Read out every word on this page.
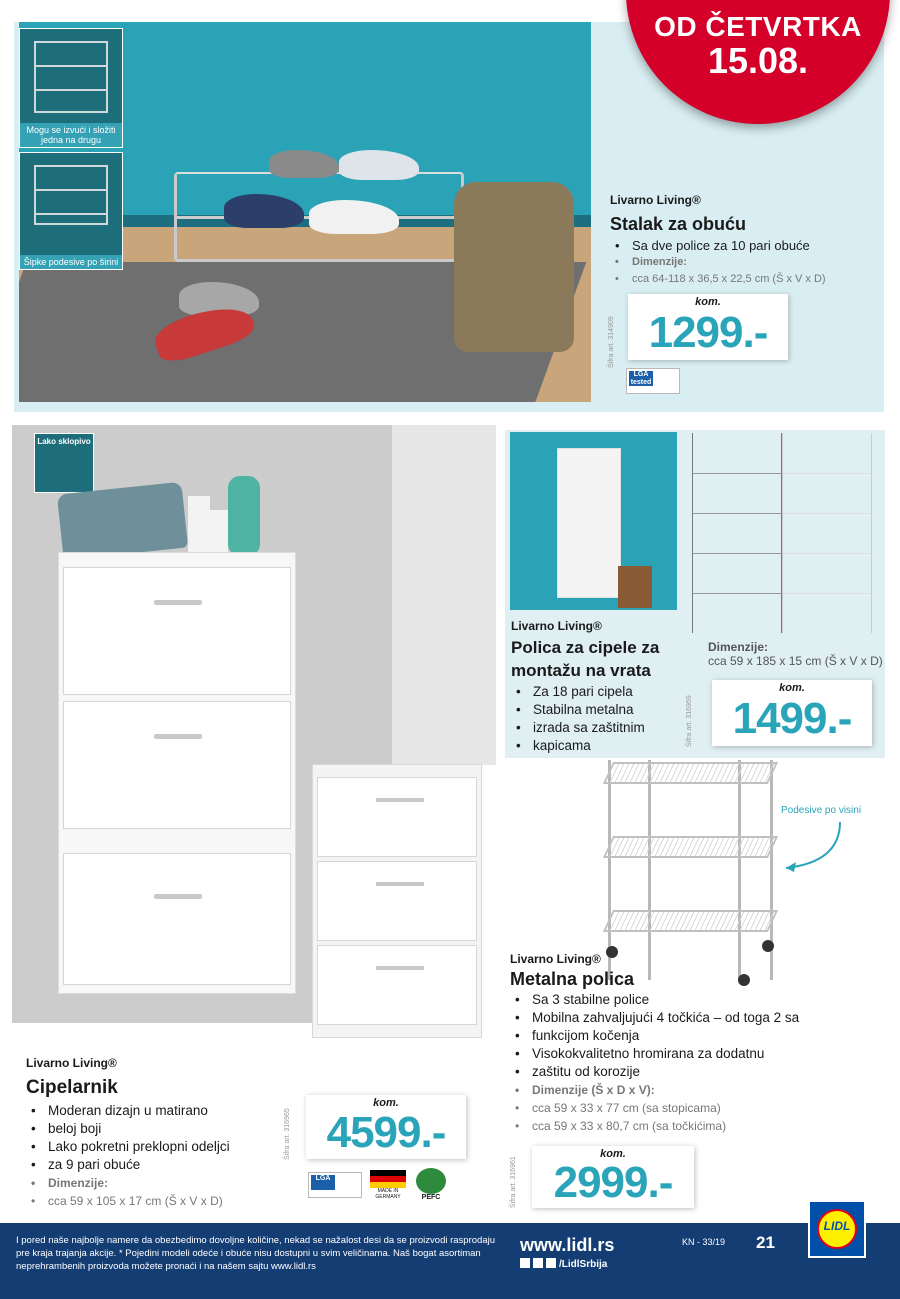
Mogu se izvući i složiti jedna na drugu
Šipke podesive po širini
OD ČETVRTKA
15.08.
Livarno Living®
Stalak za obuću
• Sa dve police za 10 pari obuće
• Dimenzije:
• cca 64-118 x 36,5 x 22,5 cm (Š x V x D)
Šifra art. 314909
kom.
1299.-
LGA tested
Lako sklopivo
Livarno Living®
Cipelarnik
• Moderan dizajn u matirano
• beloj boji
• Lako pokretni preklopni odeljci
• za 9 pari obuće
• Dimenzije:
• cca 59 x 105 x 17 cm (Š x V x D)
Šifra art. 316965
kom.
4599.-
LGA
MADE IN GERMANY	PEFC
Livarno Living®
Polica za cipele za
montažu na vrata
• Za 18 pari cipela
• Stabilna metalna
• izrada sa zaštitnim
• kapicama
Dimenzije:
cca 59 x 185 x 15 cm (Š x V x D)
Šifra art. 316959
kom.
1499.-
Podesive po visini
Livarno Living®
Metalna polica
• Sa 3 stabilne police
• Mobilna zahvaljujući 4 točkića – od toga 2 sa
• funkcijom kočenja
• Visokokvalitetno hromirana za dodatnu
• zaštitu od korozije
• Dimenzije (Š x D x V):
• cca 59 x 33 x 77 cm (sa stopicama)
• cca 59 x 33 x 80,7 cm (sa točkićima)
Šifra art. 316961
kom.
2999.-
I pored naše najbolje namere da obezbedimo dovoljne količine, nekad se nažalost desi da se proizvodi rasprodaju pre kraja trajanja akcije. * Pojedini modeli odeće i obuće nisu dostupni u svim veličinama. Naš bogat asortiman neprehrambenih proizvoda možete pronaći i na našem sajtu www.lidl.rs
www.lidl.rs
/LidlSrbija
KN - 33/19 21
LIDL
